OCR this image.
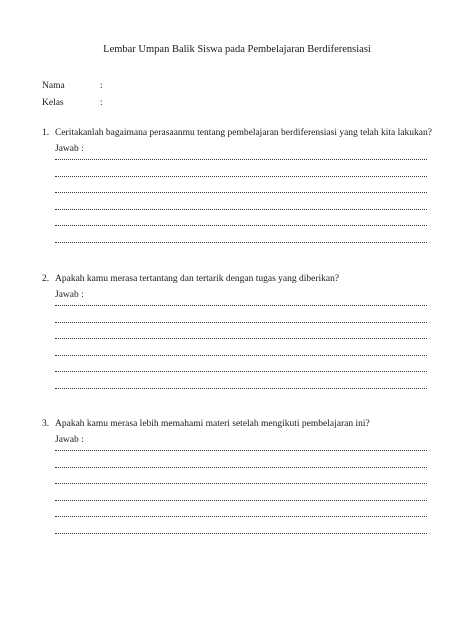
Lembar Umpan Balik Siswa pada Pembelajaran Berdiferensiasi
Nama	:
Kelas	:
1. Ceritakanlah bagaimana perasaanmu tentang pembelajaran berdiferensiasi yang telah kita lakukan?
Jawab :
2. Apakah kamu merasa tertantang dan tertarik dengan tugas yang diberikan?
Jawab :
3. Apakah kamu merasa lebih memahami materi setelah mengikuti pembelajaran ini?
Jawab :
